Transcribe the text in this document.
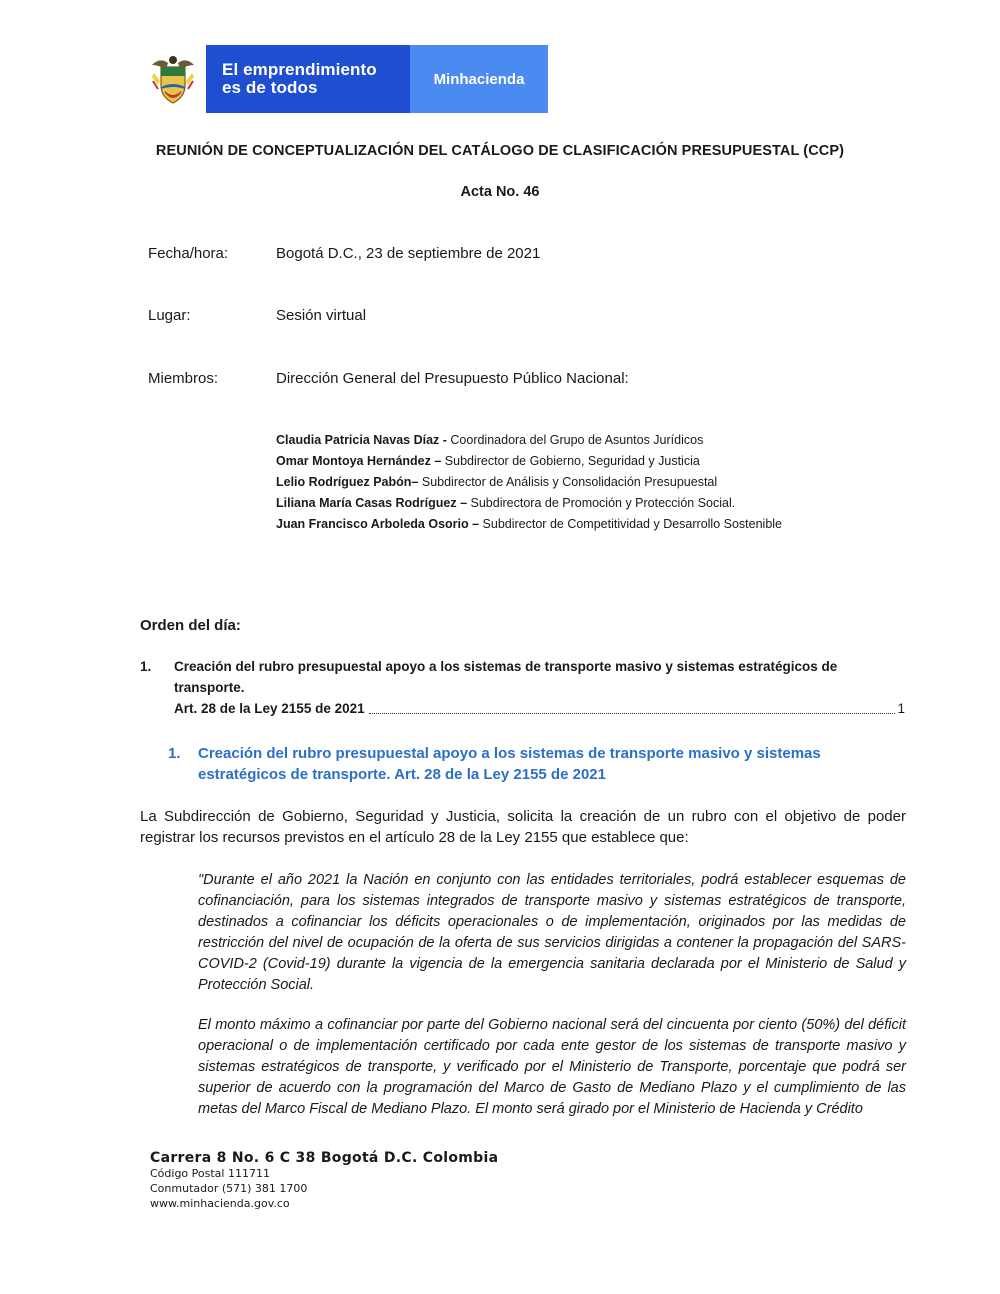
El emprendimiento
es de todos	Minhacienda
REUNIÓN DE CONCEPTUALIZACIÓN DEL CATÁLOGO DE CLASIFICACIÓN PRESUPUESTAL (CCP)
Acta No. 46
Fecha/hora:	Bogotá D.C., 23 de septiembre de 2021
Lugar:	Sesión virtual
Miembros:	Dirección General del Presupuesto Público Nacional:
Claudia Patricia Navas Díaz - Coordinadora del Grupo de Asuntos Jurídicos
Omar Montoya Hernández – Subdirector de Gobierno, Seguridad y Justicia
Lelio Rodríguez Pabón– Subdirector de Análisis y Consolidación Presupuestal
Liliana María Casas Rodríguez – Subdirectora de Promoción y Protección Social.
Juan Francisco Arboleda Osorio – Subdirector de Competitividad y Desarrollo Sostenible
Orden del día:
1. Creación del rubro presupuestal apoyo a los sistemas de transporte masivo y sistemas estratégicos de transporte.
Art. 28 de la Ley 2155 de 2021	1
1. Creación del rubro presupuestal apoyo a los sistemas de transporte masivo y sistemas estratégicos de transporte. Art. 28 de la Ley 2155 de 2021
La Subdirección de Gobierno, Seguridad y Justicia, solicita la creación de un rubro con el objetivo de poder registrar los recursos previstos en el artículo 28 de la Ley 2155 que establece que:
"Durante el año 2021 la Nación en conjunto con las entidades territoriales, podrá establecer esquemas de cofinanciación, para los sistemas integrados de transporte masivo y sistemas estratégicos de transporte, destinados a cofinanciar los déficits operacionales o de implementación, originados por las medidas de restricción del nivel de ocupación de la oferta de sus servicios dirigidas a contener la propagación del SARS-COVID-2 (Covid-19) durante la vigencia de la emergencia sanitaria declarada por el Ministerio de Salud y Protección Social.
El monto máximo a cofinanciar por parte del Gobierno nacional será del cincuenta por ciento (50%) del déficit operacional o de implementación certificado por cada ente gestor de los sistemas de transporte masivo y sistemas estratégicos de transporte, y verificado por el Ministerio de Transporte, porcentaje que podrá ser superior de acuerdo con la programación del Marco de Gasto de Mediano Plazo y el cumplimiento de las metas del Marco Fiscal de Mediano Plazo. El monto será girado por el Ministerio de Hacienda y Crédito
Carrera 8 No. 6 C 38 Bogotá D.C. Colombia
Código Postal 111711
Conmutador (571) 381 1700
www.minhacienda.gov.co
